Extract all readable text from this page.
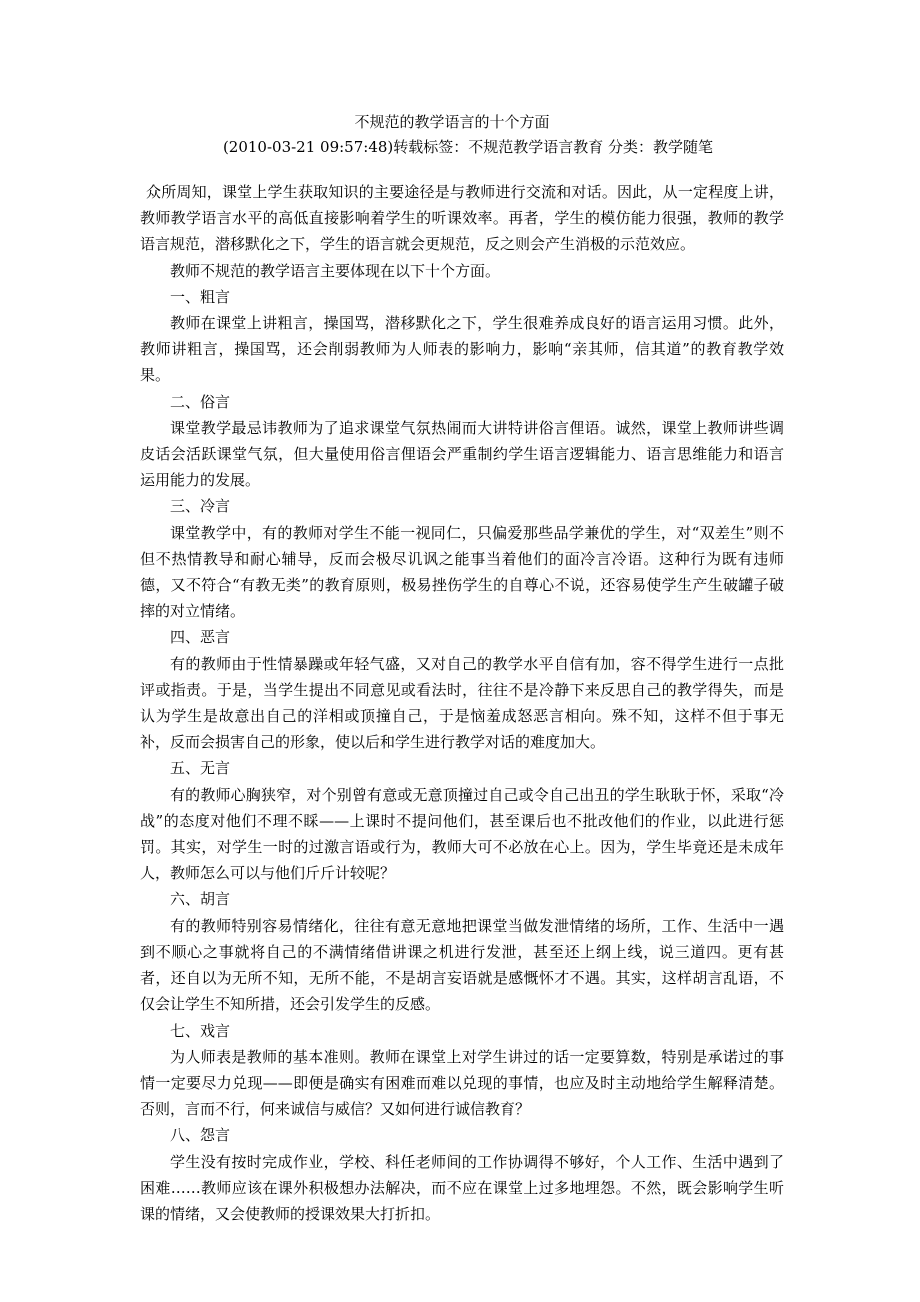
不规范的教学语言的十个方面
(2010-03-21 09:57:48)转载标签：不规范教学语言教育 分类：教学随笔

众所周知，课堂上学生获取知识的主要途径是与教师进行交流和对话。因此，从一定程度上讲，教师教学语言水平的高低直接影响着学生的听课效率。再者，学生的模仿能力很强，教师的教学语言规范，潜移默化之下，学生的语言就会更规范，反之则会产生消极的示范效应。

教师不规范的教学语言主要体现在以下十个方面。

一、粗言

教师在课堂上讲粗言，操国骂，潜移默化之下，学生很难养成良好的语言运用习惯。此外，教师讲粗言，操国骂，还会削弱教师为人师表的影响力，影响“亲其师，信其道”的教育教学效果。

二、俗言

课堂教学最忌讳教师为了追求课堂气氛热闹而大讲特讲俗言俚语。诚然，课堂上教师讲些调皮话会活跃课堂气氛，但大量使用俗言俚语会严重制约学生语言逻辑能力、语言思维能力和语言运用能力的发展。

三、冷言

课堂教学中，有的教师对学生不能一视同仁，只偏爱那些品学兼优的学生，对“双差生”则不但不热情教导和耐心辅导，反而会极尽讥讽之能事当着他们的面冷言冷语。这种行为既有违师德，又不符合“有教无类”的教育原则，极易挫伤学生的自尊心不说，还容易使学生产生破罐子破摔的对立情绪。

四、恶言

有的教师由于性情暴躁或年轻气盛，又对自己的教学水平自信有加，容不得学生进行一点批评或指责。于是，当学生提出不同意见或看法时，往往不是冷静下来反思自己的教学得失，而是认为学生是故意出自己的洋相或顶撞自己，于是恼羞成怒恶言相向。殊不知，这样不但于事无补，反而会损害自己的形象，使以后和学生进行教学对话的难度加大。

五、无言

有的教师心胸狭窄，对个别曾有意或无意顶撞过自己或令自己出丑的学生耿耿于怀，采取“冷战”的态度对他们不理不睬——上课时不提问他们，甚至课后也不批改他们的作业，以此进行惩罚。其实，对学生一时的过激言语或行为，教师大可不必放在心上。因为，学生毕竟还是未成年人，教师怎么可以与他们斤斤计较呢？

六、胡言

有的教师特别容易情绪化，往往有意无意地把课堂当做发泄情绪的场所，工作、生活中一遇到不顺心之事就将自己的不满情绪借讲课之机进行发泄，甚至还上纲上线，说三道四。更有甚者，还自以为无所不知，无所不能，不是胡言妄语就是感慨怀才不遇。其实，这样胡言乱语，不仅会让学生不知所措，还会引发学生的反感。

七、戏言

为人师表是教师的基本准则。教师在课堂上对学生讲过的话一定要算数，特别是承诺过的事情一定要尽力兑现——即便是确实有困难而难以兑现的事情，也应及时主动地给学生解释清楚。否则，言而不行，何来诚信与威信？又如何进行诚信教育？

八、怨言

学生没有按时完成作业，学校、科任老师间的工作协调得不够好，个人工作、生活中遇到了困难……教师应该在课外积极想办法解决，而不应在课堂上过多地埋怨。不然，既会影响学生听课的情绪，又会使教师的授课效果大打折扣。
